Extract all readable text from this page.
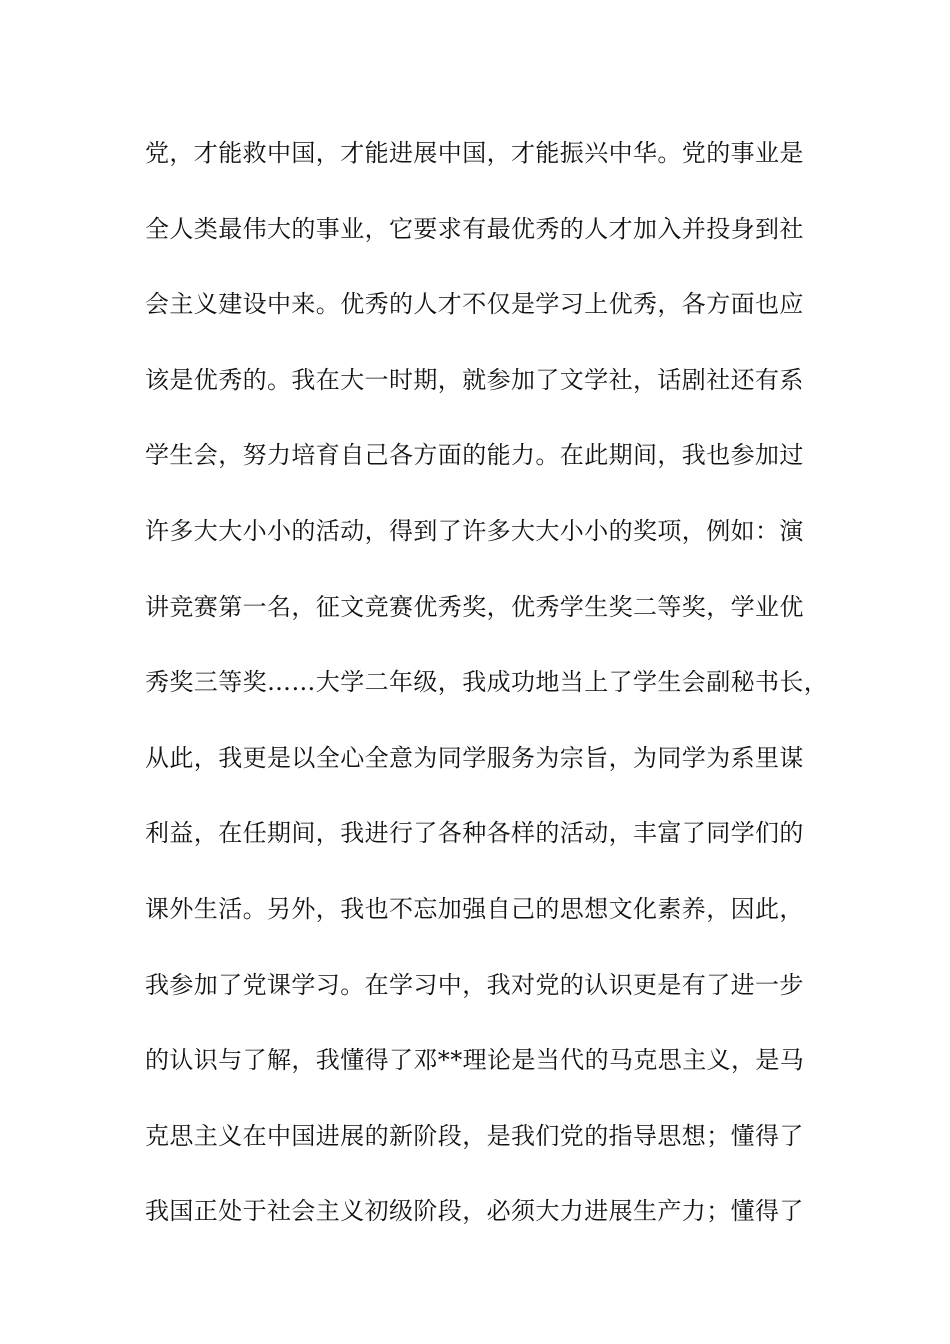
党，才能救中国，才能进展中国，才能振兴中华。党的事业是
全人类最伟大的事业，它要求有最优秀的人才加入并投身到社
会主义建设中来。优秀的人才不仅是学习上优秀，各方面也应
该是优秀的。我在大一时期，就参加了文学社，话剧社还有系
学生会，努力培育自己各方面的能力。在此期间，我也参加过
许多大大小小的活动，得到了许多大大小小的奖项，例如：演
讲竞赛第一名，征文竞赛优秀奖，优秀学生奖二等奖，学业优
秀奖三等奖……大学二年级，我成功地当上了学生会副秘书长，
从此，我更是以全心全意为同学服务为宗旨，为同学为系里谋
利益，在任期间，我进行了各种各样的活动，丰富了同学们的
课外生活。另外，我也不忘加强自己的思想文化素养，因此，
我参加了党课学习。在学习中，我对党的认识更是有了进一步
的认识与了解，我懂得了邓**理论是当代的马克思主义，是马
克思主义在中国进展的新阶段，是我们党的指导思想；懂得了
我国正处于社会主义初级阶段，必须大力进展生产力；懂得了
